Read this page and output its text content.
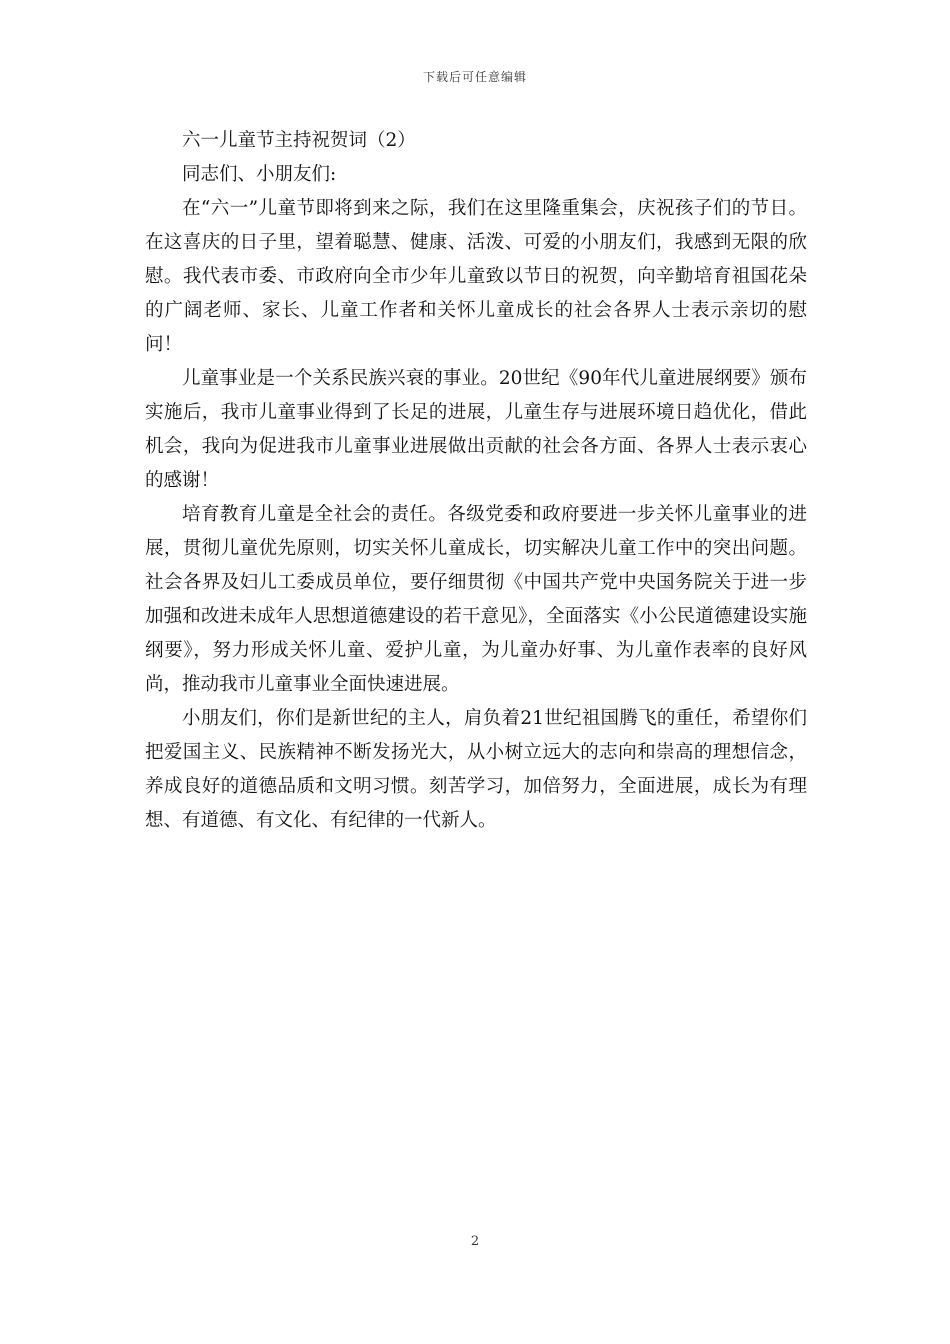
下载后可任意编辑

六一儿童节主持祝贺词（2）

同志们、小朋友们:

在“六一”儿童节即将到来之际，我们在这里隆重集会，庆祝孩子们的节日。在这喜庆的日子里，望着聪慧、健康、活泼、可爱的小朋友们，我感到无限的欣慰。我代表市委、市政府向全市少年儿童致以节日的祝贺，向辛勤培育祖国花朵的广阔老师、家长、儿童工作者和关怀儿童成长的社会各界人士表示亲切的慰问！

儿童事业是一个关系民族兴衰的事业。20世纪《90年代儿童进展纲要》颁布实施后，我市儿童事业得到了长足的进展，儿童生存与进展环境日趋优化，借此机会，我向为促进我市儿童事业进展做出贡献的社会各方面、各界人士表示衷心的感谢！

培育教育儿童是全社会的责任。各级党委和政府要进一步关怀儿童事业的进展，贯彻儿童优先原则，切实关怀儿童成长，切实解决儿童工作中的突出问题。社会各界及妇儿工委成员单位，要仔细贯彻《中国共产党中央国务院关于进一步加强和改进未成年人思想道德建设的若干意见》，全面落实《小公民道德建设实施纲要》，努力形成关怀儿童、爱护儿童，为儿童办好事、为儿童作表率的良好风尚，推动我市儿童事业全面快速进展。

小朋友们，你们是新世纪的主人，肩负着21世纪祖国腾飞的重任，希望你们把爱国主义、民族精神不断发扬光大，从小树立远大的志向和崇高的理想信念，养成良好的道德品质和文明习惯。刻苦学习，加倍努力，全面进展，成长为有理想、有道德、有文化、有纪律的一代新人。

2
